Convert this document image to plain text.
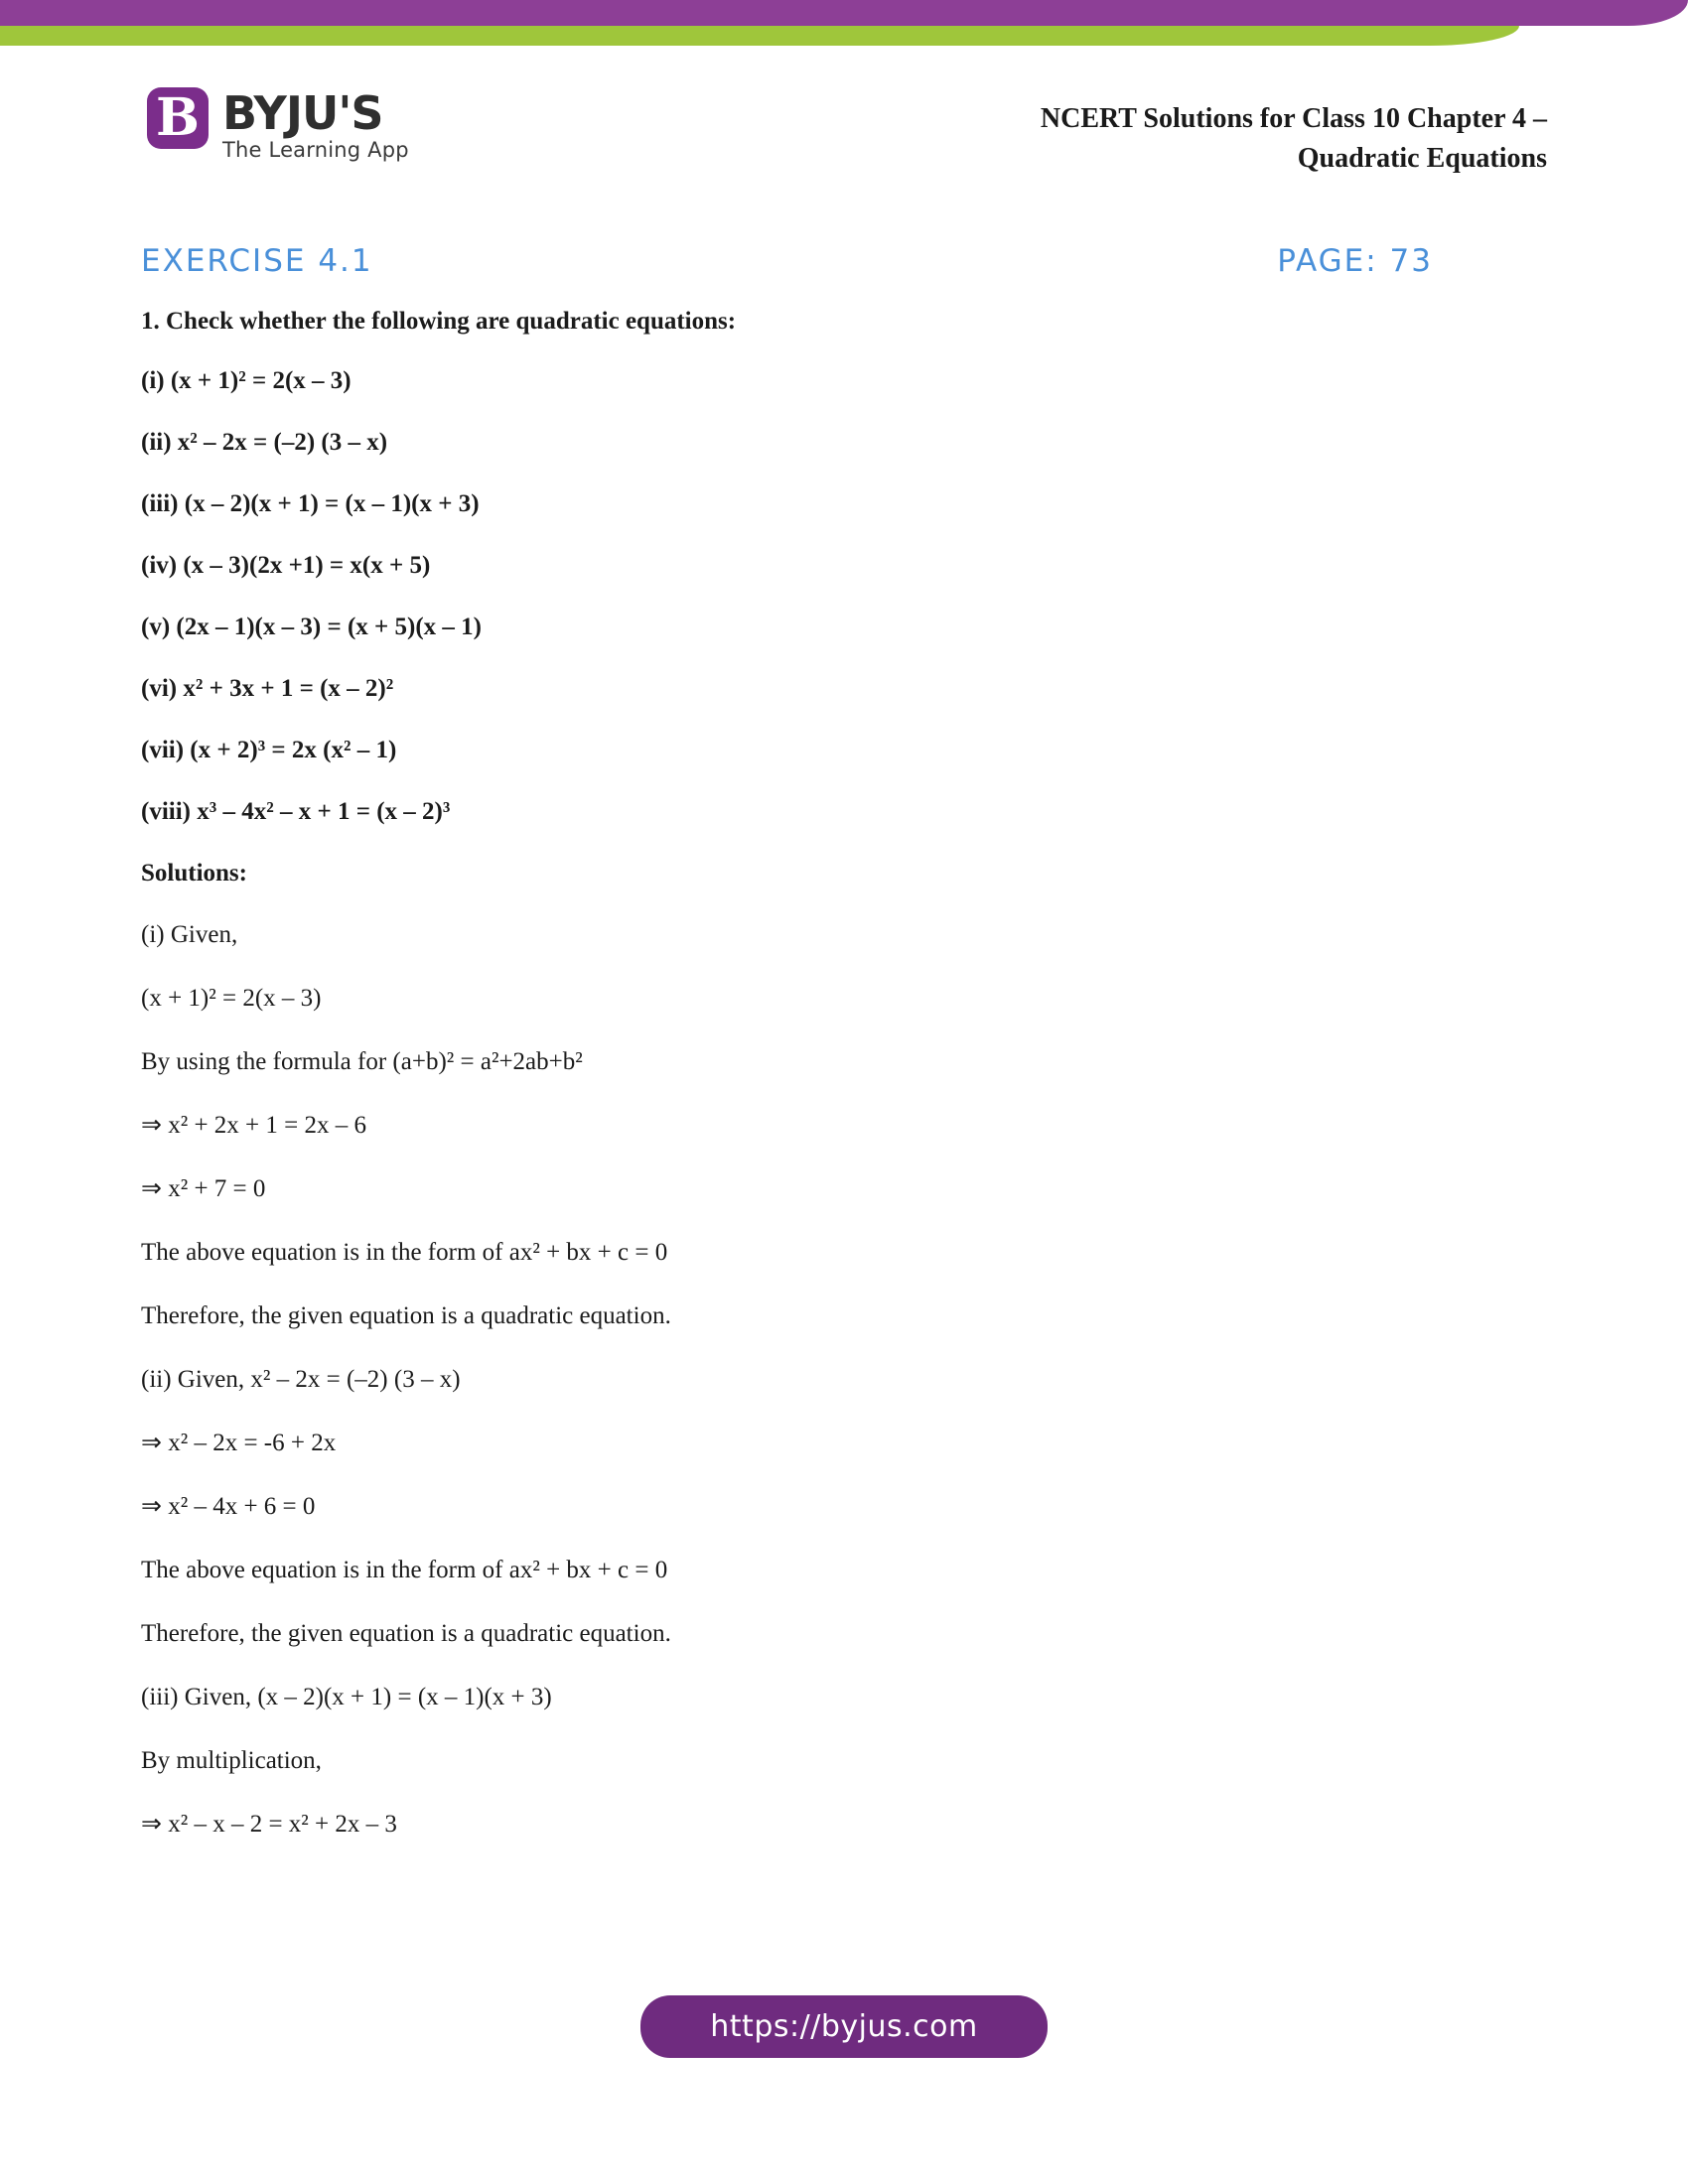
B BYJU'S
The Learning App
NCERT Solutions for Class 10 Chapter 4 –
Quadratic Equations
EXERCISE 4.1	PAGE: 73

1. Check whether the following are quadratic equations:

(i) (x + 1)² = 2(x – 3)

(ii) x² – 2x = (–2) (3 – x)

(iii) (x – 2)(x + 1) = (x – 1)(x + 3)

(iv) (x – 3)(2x +1) = x(x + 5)

(v) (2x – 1)(x – 3) = (x + 5)(x – 1)

(vi) x² + 3x + 1 = (x – 2)²

(vii) (x + 2)³ = 2x (x² – 1)

(viii) x³ – 4x² – x + 1 = (x – 2)³

Solutions:

(i) Given,

(x + 1)² = 2(x – 3)

By using the formula for (a+b)² = a²+2ab+b²

⇒ x² + 2x + 1 = 2x – 6

⇒ x² + 7 = 0

The above equation is in the form of ax² + bx + c = 0

Therefore, the given equation is a quadratic equation.

(ii) Given, x² – 2x = (–2) (3 – x)

⇒ x² – 2x = -6 + 2x

⇒ x² – 4x + 6 = 0

The above equation is in the form of ax² + bx + c = 0

Therefore, the given equation is a quadratic equation.

(iii) Given, (x – 2)(x + 1) = (x – 1)(x + 3)

By multiplication,

⇒ x² – x – 2 = x² + 2x – 3

https://byjus.com
